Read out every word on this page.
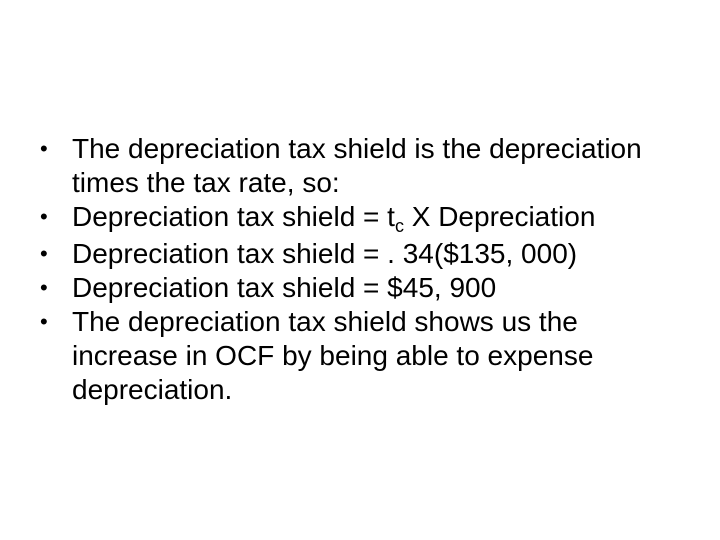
• The depreciation tax shield is the depreciation times the tax rate, so:
• Depreciation tax shield = $t_c$ X Depreciation
• Depreciation tax shield = . 34($135, 000)
• Depreciation tax shield = $45, 900
• The depreciation tax shield shows us the increase in OCF by being able to expense depreciation.
